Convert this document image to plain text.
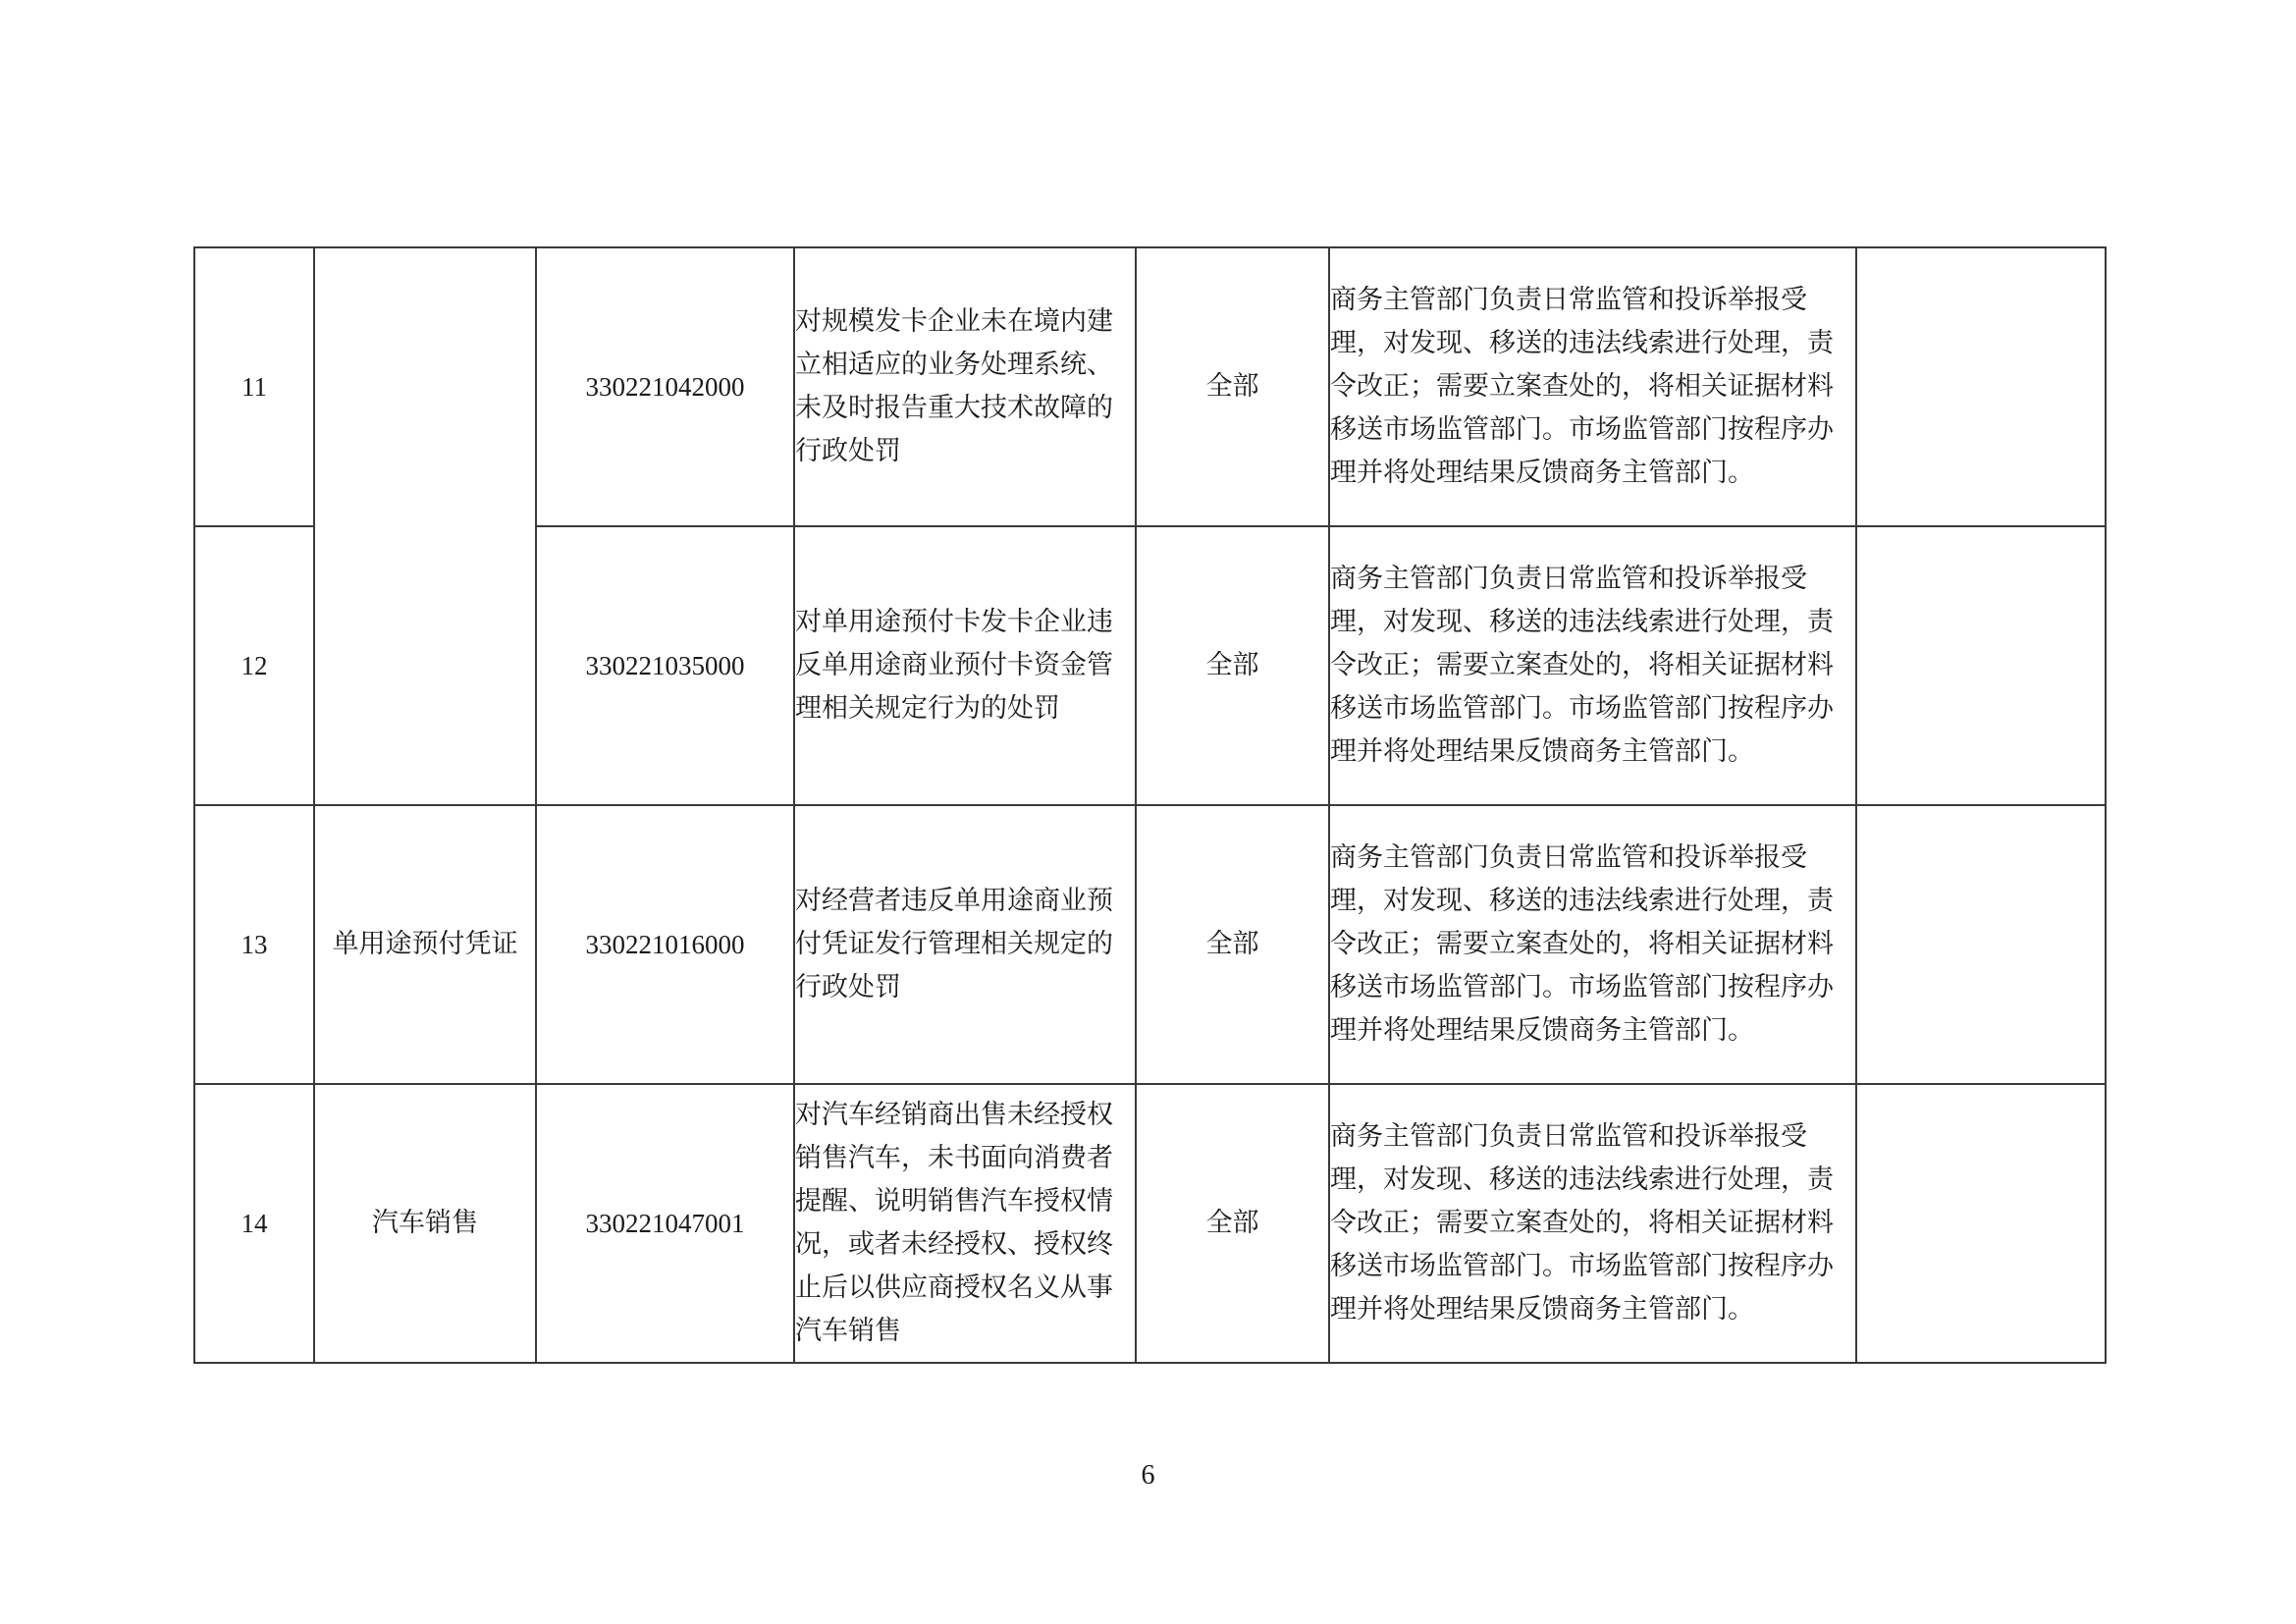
11		330221042000	对规模发卡企业未在境内建立相适应的业务处理系统、未及时报告重大技术故障的行政处罚	全部	商务主管部门负责日常监管和投诉举报受理，对发现、移送的违法线索进行处理，责令改正；需要立案查处的，将相关证据材料移送市场监管部门。市场监管部门按程序办理并将处理结果反馈商务主管部门。	
12		330221035000	对单用途预付卡发卡企业违反单用途商业预付卡资金管理相关规定行为的处罚	全部	商务主管部门负责日常监管和投诉举报受理，对发现、移送的违法线索进行处理，责令改正；需要立案查处的，将相关证据材料移送市场监管部门。市场监管部门按程序办理并将处理结果反馈商务主管部门。	
13	单用途预付凭证	330221016000	对经营者违反单用途商业预付凭证发行管理相关规定的行政处罚	全部	商务主管部门负责日常监管和投诉举报受理，对发现、移送的违法线索进行处理，责令改正；需要立案查处的，将相关证据材料移送市场监管部门。市场监管部门按程序办理并将处理结果反馈商务主管部门。	
14	汽车销售	330221047001	对汽车经销商出售未经授权销售汽车，未书面向消费者提醒、说明销售汽车授权情况，或者未经授权、授权终止后以供应商授权名义从事汽车销售	全部	商务主管部门负责日常监管和投诉举报受理，对发现、移送的违法线索进行处理，责令改正；需要立案查处的，将相关证据材料移送市场监管部门。市场监管部门按程序办理并将处理结果反馈商务主管部门。	
6
